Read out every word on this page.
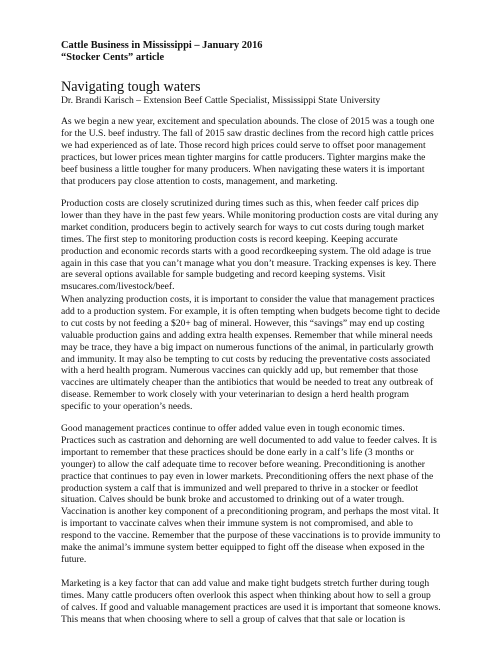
Cattle Business in Mississippi – January 2016
“Stocker Cents” article
Navigating tough waters
Dr. Brandi Karisch – Extension Beef Cattle Specialist, Mississippi State University
As we begin a new year, excitement and speculation abounds. The close of 2015 was a tough one for the U.S. beef industry. The fall of 2015 saw drastic declines from the record high cattle prices we had experienced as of late. Those record high prices could serve to offset poor management practices, but lower prices mean tighter margins for cattle producers. Tighter margins make the beef business a little tougher for many producers. When navigating these waters it is important that producers pay close attention to costs, management, and marketing.
Production costs are closely scrutinized during times such as this, when feeder calf prices dip lower than they have in the past few years. While monitoring production costs are vital during any market condition, producers begin to actively search for ways to cut costs during tough market times. The first step to monitoring production costs is record keeping. Keeping accurate production and economic records starts with a good recordkeeping system. The old adage is true again in this case that you can’t manage what you don’t measure. Tracking expenses is key. There are several options available for sample budgeting and record keeping systems. Visit msucares.com/livestock/beef.
When analyzing production costs, it is important to consider the value that management practices add to a production system. For example, it is often tempting when budgets become tight to decide to cut costs by not feeding a $20+ bag of mineral. However, this “savings” may end up costing valuable production gains and adding extra health expenses. Remember that while mineral needs may be trace, they have a big impact on numerous functions of the animal, in particularly growth and immunity. It may also be tempting to cut costs by reducing the preventative costs associated with a herd health program. Numerous vaccines can quickly add up, but remember that those vaccines are ultimately cheaper than the antibiotics that would be needed to treat any outbreak of disease. Remember to work closely with your veterinarian to design a herd health program specific to your operation’s needs.
Good management practices continue to offer added value even in tough economic times. Practices such as castration and dehorning are well documented to add value to feeder calves. It is important to remember that these practices should be done early in a calf’s life (3 months or younger) to allow the calf adequate time to recover before weaning. Preconditioning is another practice that continues to pay even in lower markets. Preconditioning offers the next phase of the production system a calf that is immunized and well prepared to thrive in a stocker or feedlot situation. Calves should be bunk broke and accustomed to drinking out of a water trough. Vaccination is another key component of a preconditioning program, and perhaps the most vital. It is important to vaccinate calves when their immune system is not compromised, and able to respond to the vaccine. Remember that the purpose of these vaccinations is to provide immunity to make the animal’s immune system better equipped to fight off the disease when exposed in the future.
Marketing is a key factor that can add value and make tight budgets stretch further during tough times. Many cattle producers often overlook this aspect when thinking about how to sell a group of calves. If good and valuable management practices are used it is important that someone knows. This means that when choosing where to sell a group of calves that that sale or location is
